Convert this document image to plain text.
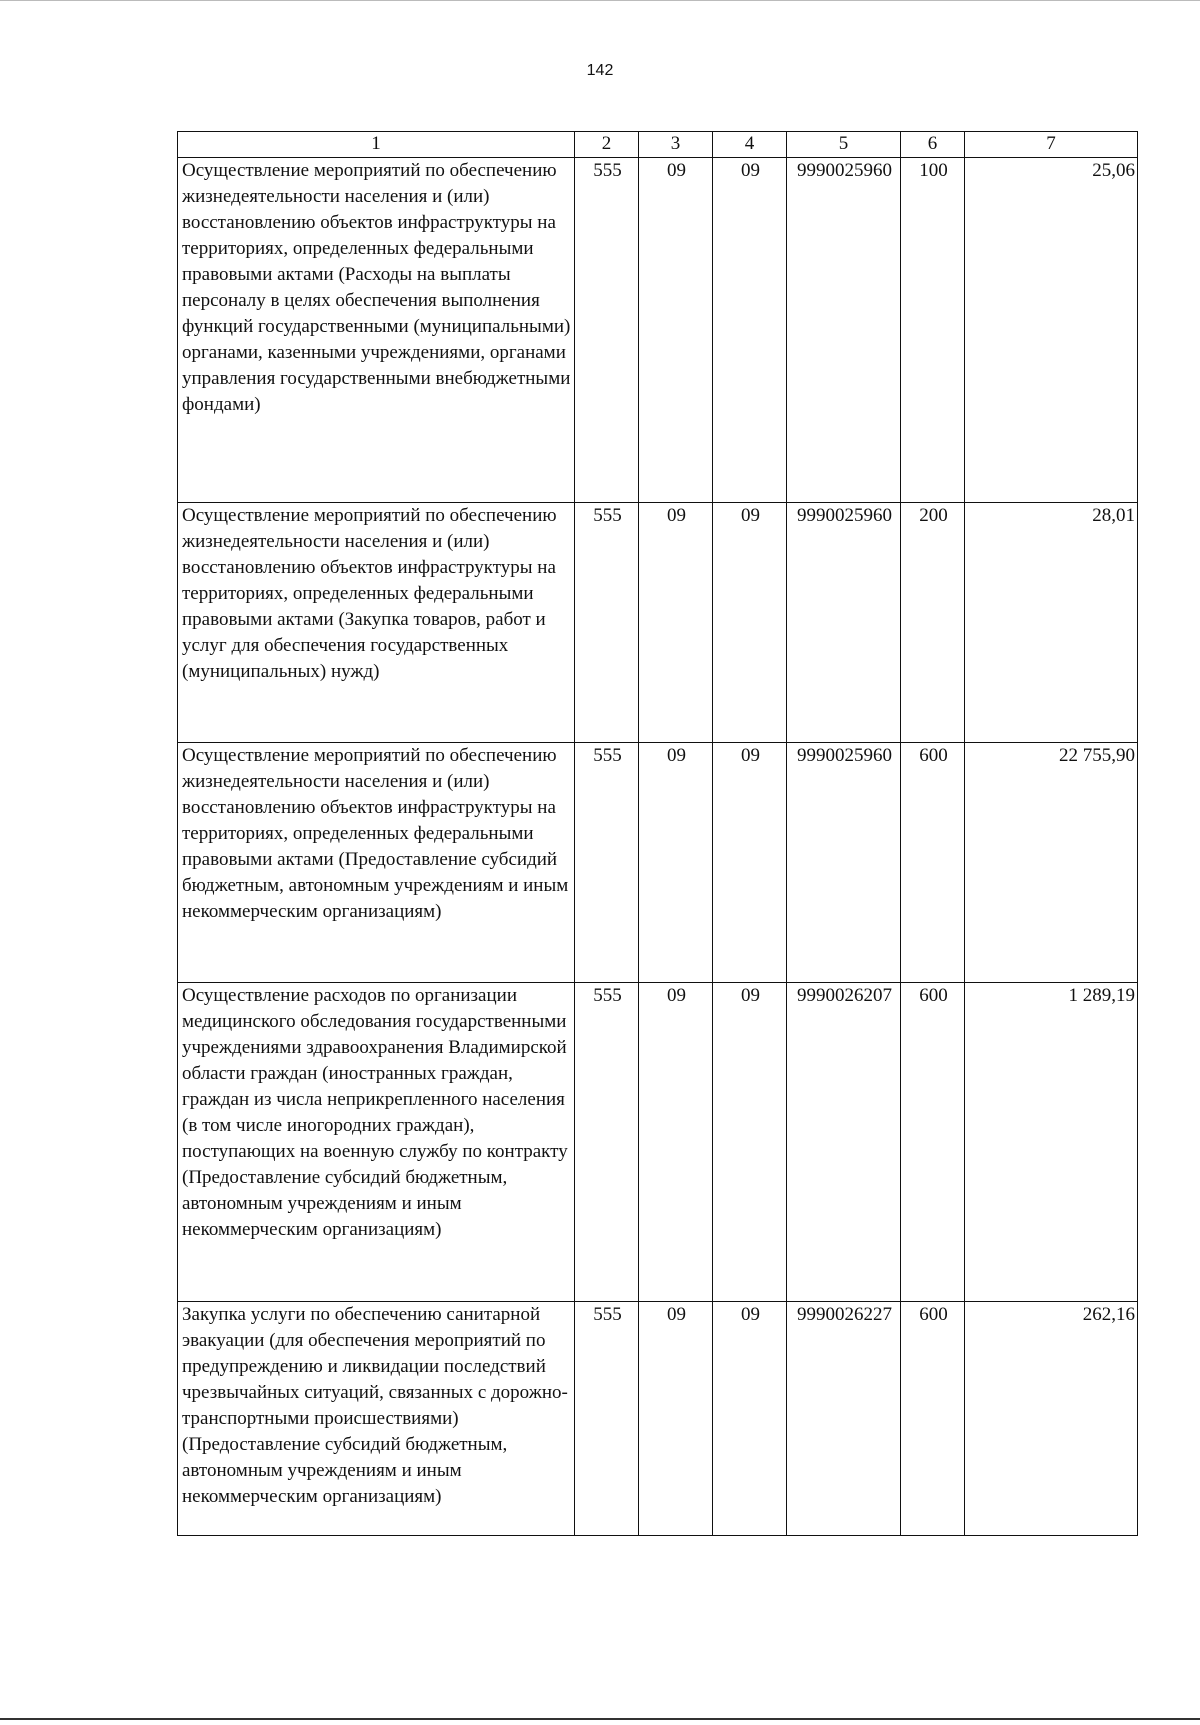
142
1	2	3	4	5	6	7
Осуществление мероприятий по обеспечению жизнедеятельности населения и (или) восстановлению объектов инфраструктуры на территориях, определенных федеральными правовыми актами (Расходы на выплаты персоналу в целях обеспечения выполнения функций государственными (муниципальными) органами, казенными учреждениями, органами управления государственными внебюджетными фондами)	555	09	09	9990025960	100	25,06
Осуществление мероприятий по обеспечению жизнедеятельности населения и (или) восстановлению объектов инфраструктуры на территориях, определенных федеральными правовыми актами (Закупка товаров, работ и услуг для обеспечения государственных (муниципальных) нужд)	555	09	09	9990025960	200	28,01
Осуществление мероприятий по обеспечению жизнедеятельности населения и (или) восстановлению объектов инфраструктуры на территориях, определенных федеральными правовыми актами (Предоставление субсидий бюджетным, автономным учреждениям и иным некоммерческим организациям)	555	09	09	9990025960	600	22 755,90
Осуществление расходов по организации медицинского обследования государственными учреждениями здравоохранения Владимирской области граждан (иностранных граждан, граждан из числа неприкрепленного населения (в том числе иногородних граждан), поступающих на военную службу по контракту (Предоставление субсидий бюджетным, автономным учреждениям и иным некоммерческим организациям)	555	09	09	9990026207	600	1 289,19
Закупка услуги по обеспечению санитарной эвакуации (для обеспечения мероприятий по предупреждению и ликвидации последствий чрезвычайных ситуаций, связанных с дорожно-транспортными происшествиями) (Предоставление субсидий бюджетным, автономным учреждениям и иным некоммерческим организациям)	555	09	09	9990026227	600	262,16
